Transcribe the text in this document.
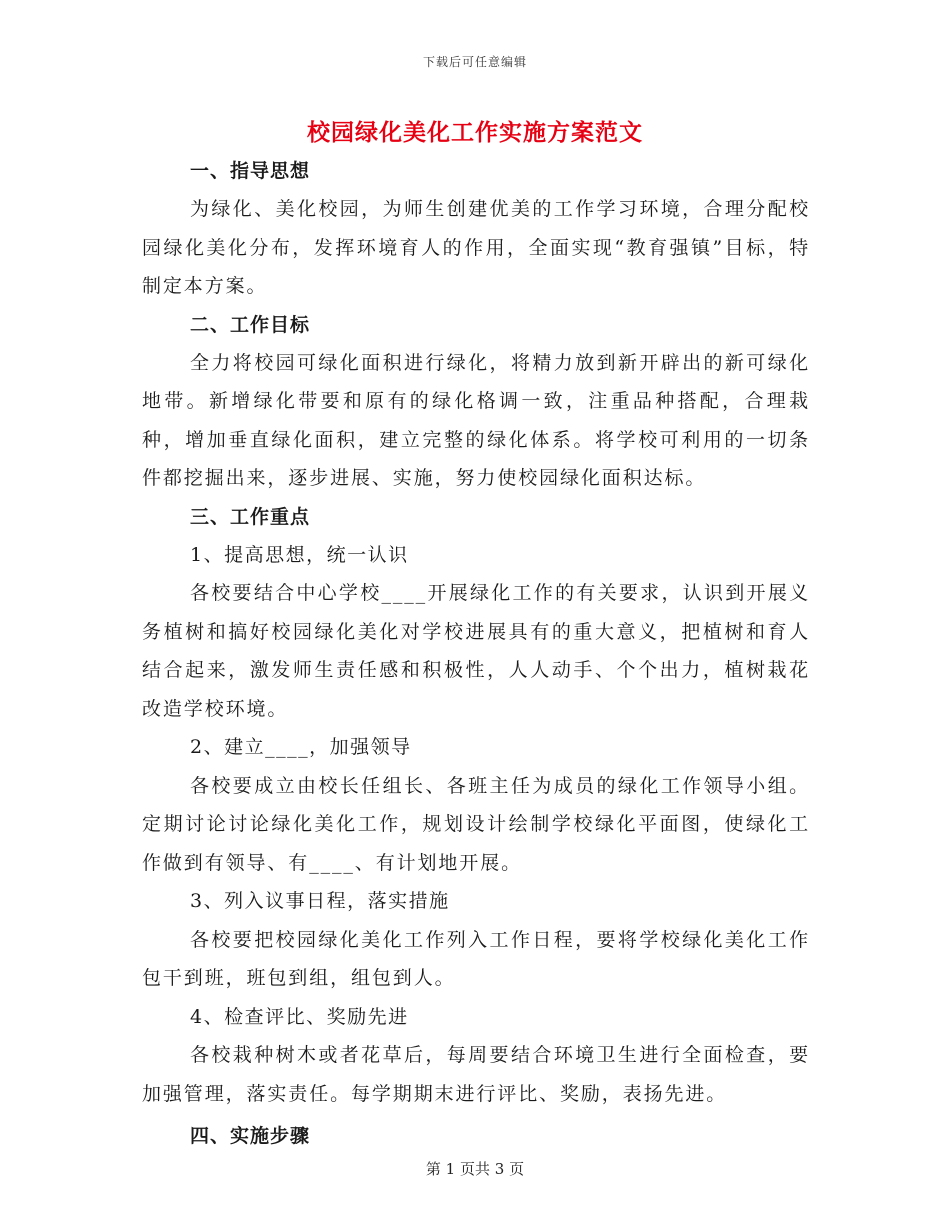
下载后可任意编辑
校园绿化美化工作实施方案范文

一、指导思想

为绿化、美化校园，为师生创建优美的工作学习环境，合理分配校园绿化美化分布，发挥环境育人的作用，全面实现“教育强镇”目标，特制定本方案。

二、工作目标

全力将校园可绿化面积进行绿化，将精力放到新开辟出的新可绿化地带。新增绿化带要和原有的绿化格调一致，注重品种搭配，合理栽种，增加垂直绿化面积，建立完整的绿化体系。将学校可利用的一切条件都挖掘出来，逐步进展、实施，努力使校园绿化面积达标。

三、工作重点

1、提高思想，统一认识

各校要结合中心学校____开展绿化工作的有关要求，认识到开展义务植树和搞好校园绿化美化对学校进展具有的重大意义，把植树和育人结合起来，激发师生责任感和积极性，人人动手、个个出力，植树栽花改造学校环境。

2、建立____，加强领导

各校要成立由校长任组长、各班主任为成员的绿化工作领导小组。定期讨论讨论绿化美化工作，规划设计绘制学校绿化平面图，使绿化工作做到有领导、有____、有计划地开展。

3、列入议事日程，落实措施

各校要把校园绿化美化工作列入工作日程，要将学校绿化美化工作包干到班，班包到组，组包到人。

4、检查评比、奖励先进

各校栽种树木或者花草后，每周要结合环境卫生进行全面检查，要加强管理，落实责任。每学期期末进行评比、奖励，表扬先进。

四、实施步骤

第 1 页共 3 页
